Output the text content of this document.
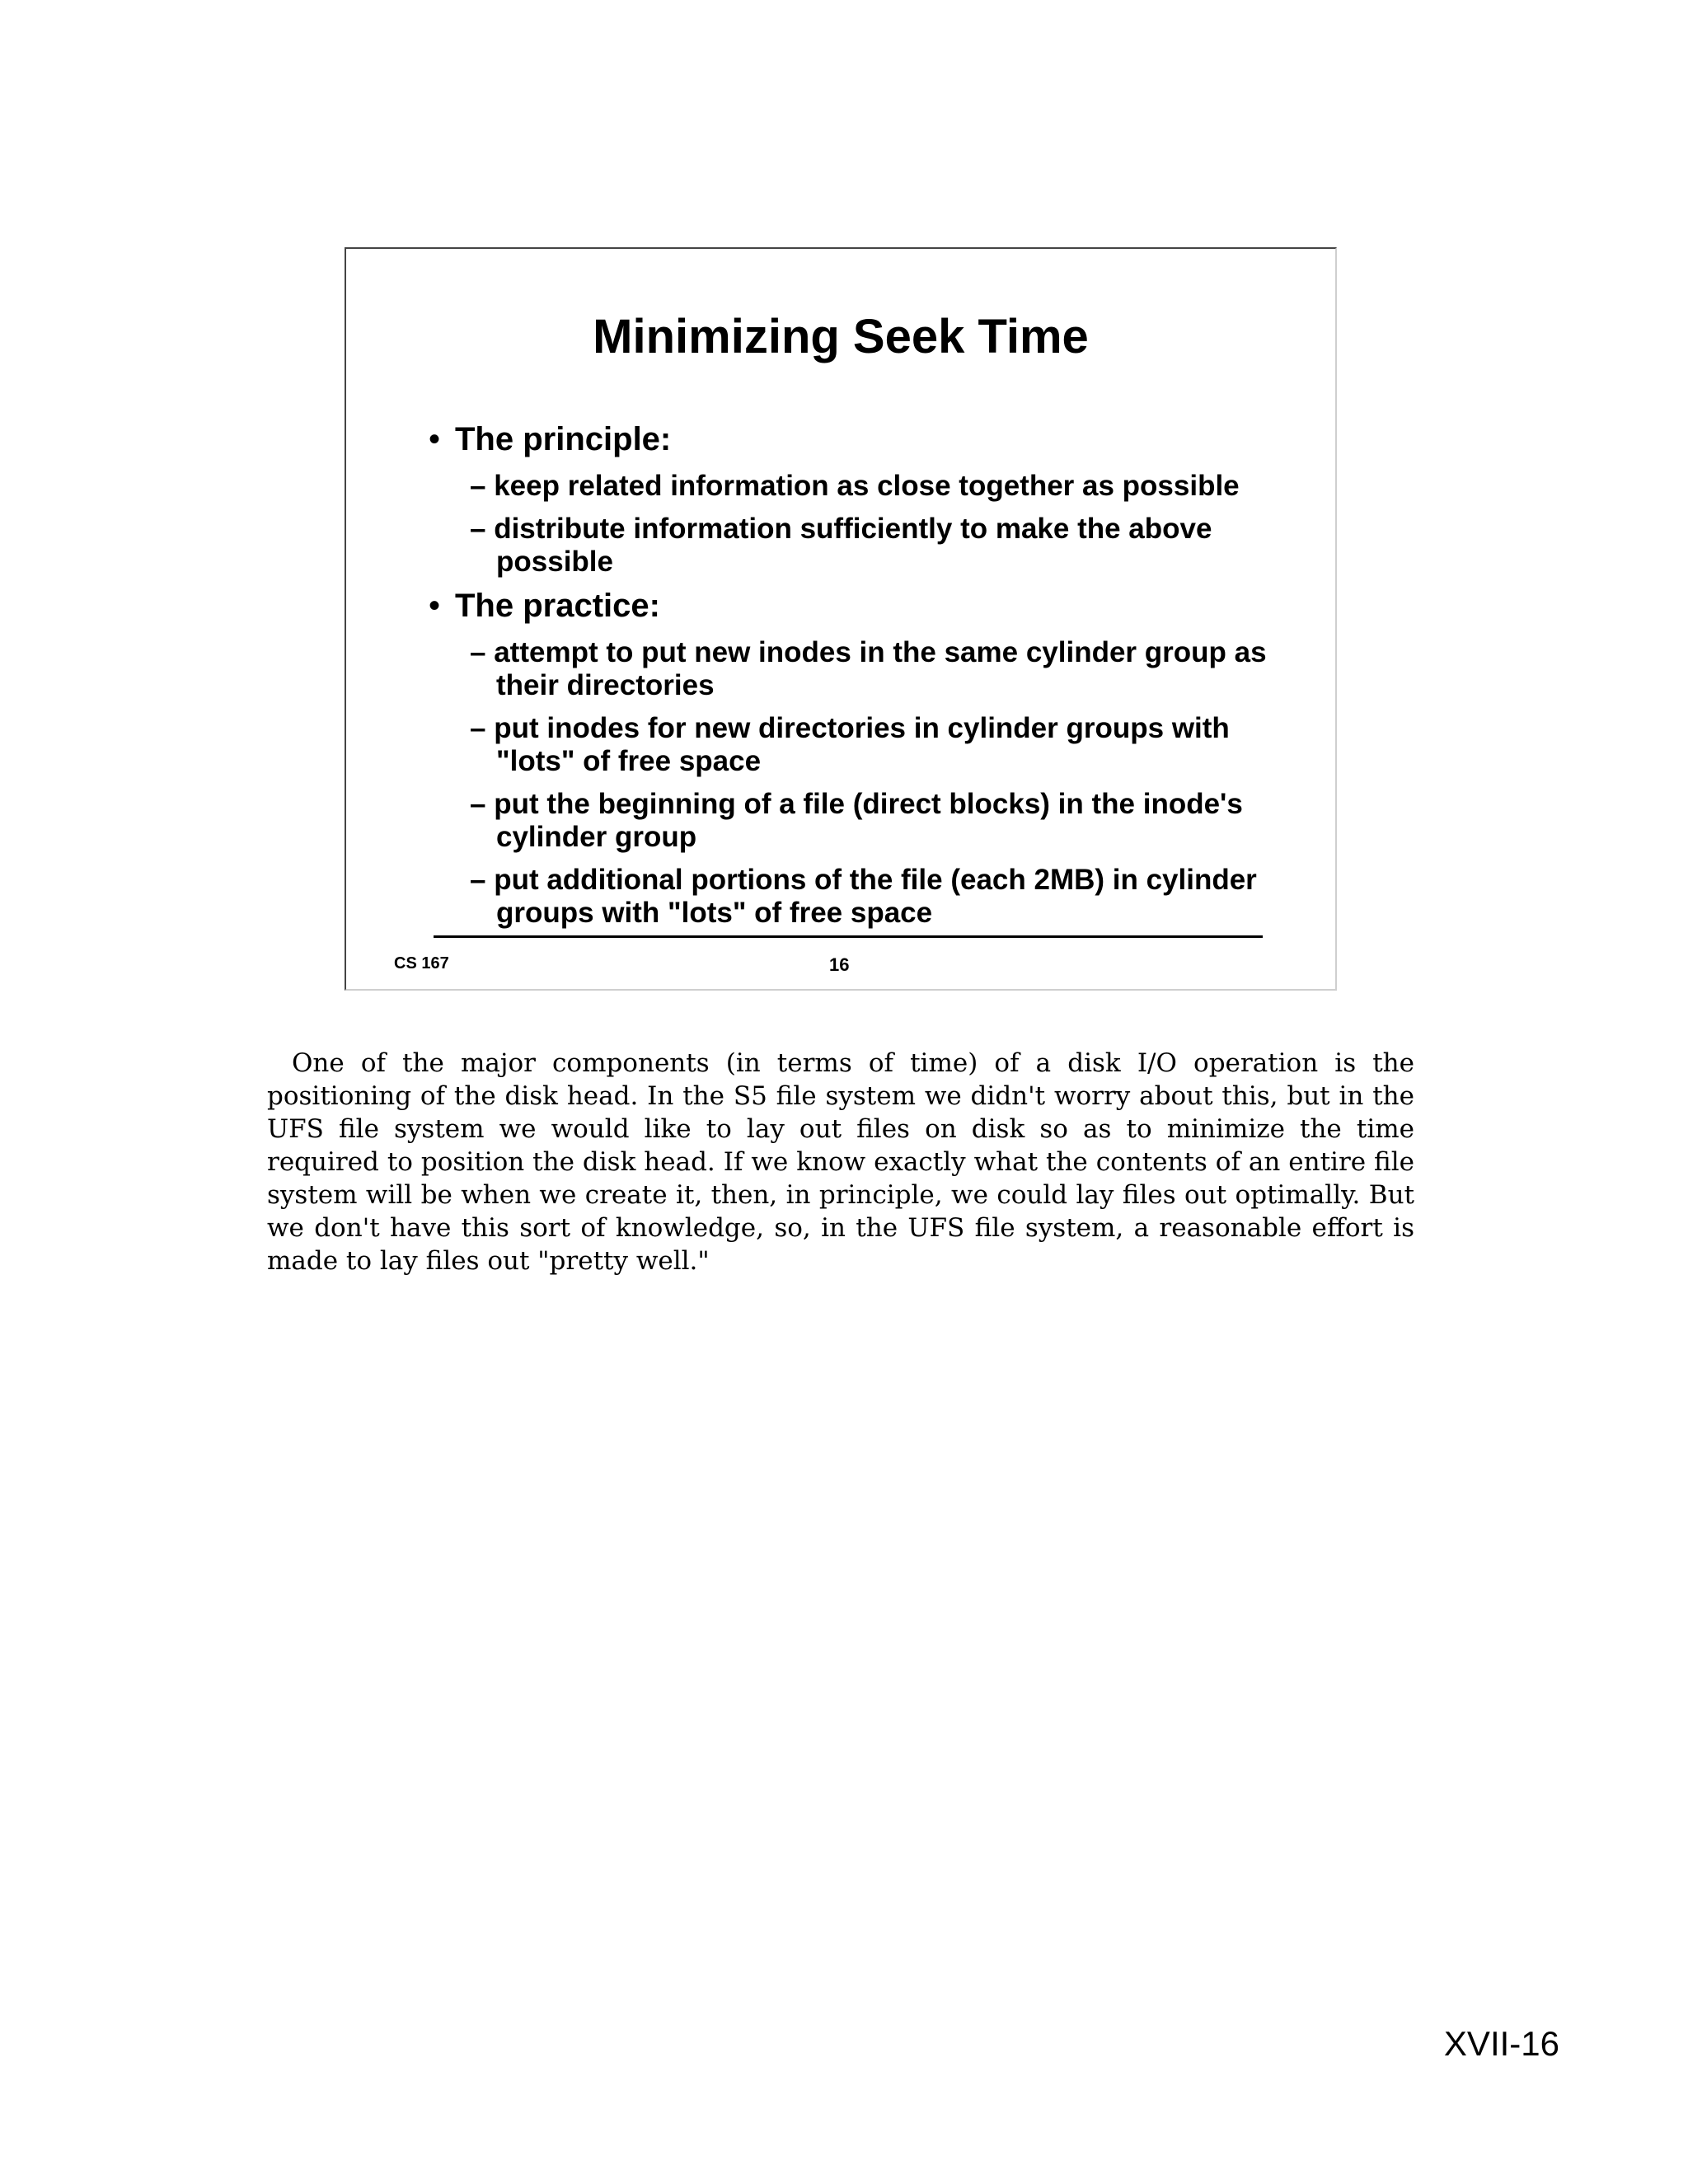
Minimizing Seek Time
• The principle:
– keep related information as close together as possible
– distribute information sufficiently to make the above possible
• The practice:
– attempt to put new inodes in the same cylinder group as their directories
– put inodes for new directories in cylinder groups with "lots" of free space
– put the beginning of a file (direct blocks) in the inode's cylinder group
– put additional portions of the file (each 2MB) in cylinder groups with "lots" of free space
CS 167	16

One of the major components (in terms of time) of a disk I/O operation is the positioning of the disk head. In the S5 file system we didn't worry about this, but in the UFS file system we would like to lay out files on disk so as to minimize the time required to position the disk head. If we know exactly what the contents of an entire file system will be when we create it, then, in principle, we could lay files out optimally. But we don't have this sort of knowledge, so, in the UFS file system, a reasonable effort is made to lay files out "pretty well."

XVII-16
